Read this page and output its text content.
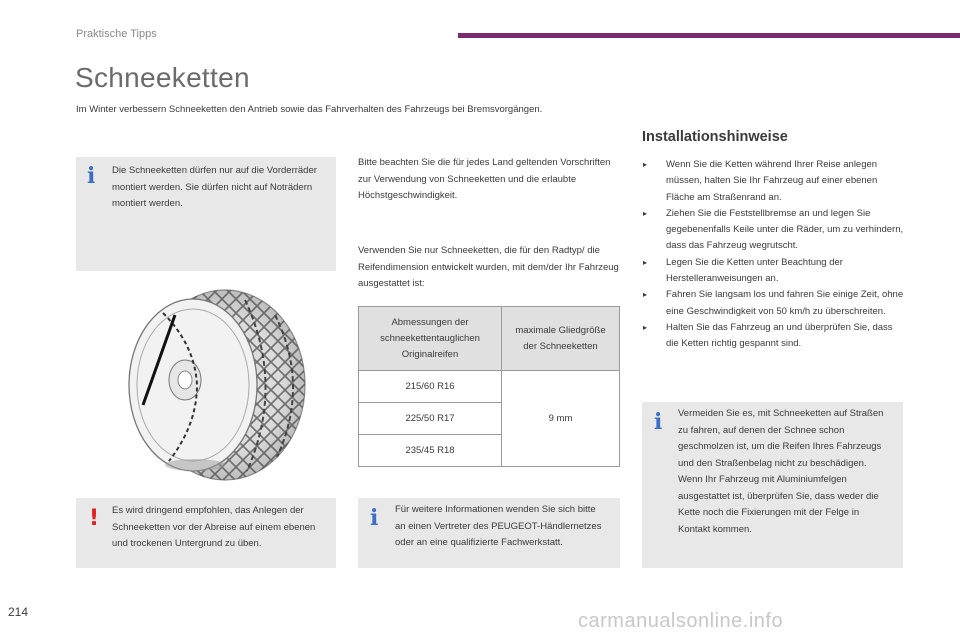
Praktische Tipps
Schneeketten
Im Winter verbessern Schneeketten den Antrieb sowie das Fahrverhalten des Fahrzeugs bei Bremsvorgängen.
i Die Schneeketten dürfen nur auf die Vorderräder montiert werden. Sie dürfen nicht auf Noträdern montiert werden.
! Es wird dringend empfohlen, das Anlegen der Schneeketten vor der Abreise auf einem ebenen und trockenen Untergrund zu üben.
Bitte beachten Sie die für jedes Land geltenden Vorschriften zur Verwendung von Schneeketten und die erlaubte Höchstgeschwindigkeit.
Verwenden Sie nur Schneeketten, die für den Radtyp/ die Reifendimension entwickelt wurden, mit dem/der Ihr Fahrzeug ausgestattet ist:
Abmessungen der schneekettentauglichen Originalreifen	maximale Gliedgröße der Schneeketten
215/60 R16	9 mm
225/50 R17	
235/45 R18	
i Für weitere Informationen wenden Sie sich bitte an einen Vertreter des PEUGEOT-Händlernetzes oder an eine qualifizierte Fachwerkstatt.
Installationshinweise
▸ Wenn Sie die Ketten während Ihrer Reise anlegen müssen, halten Sie Ihr Fahrzeug auf einer ebenen Fläche am Straßenrand an.
▸ Ziehen Sie die Feststellbremse an und legen Sie gegebenenfalls Keile unter die Räder, um zu verhindern, dass das Fahrzeug wegrutscht.
▸ Legen Sie die Ketten unter Beachtung der Herstelleranweisungen an.
▸ Fahren Sie langsam los und fahren Sie einige Zeit, ohne eine Geschwindigkeit von 50 km/h zu überschreiten.
▸ Halten Sie das Fahrzeug an und überprüfen Sie, dass die Ketten richtig gespannt sind.
i Vermeiden Sie es, mit Schneeketten auf Straßen zu fahren, auf denen der Schnee schon geschmolzen ist, um die Reifen Ihres Fahrzeugs und den Straßenbelag nicht zu beschädigen. Wenn Ihr Fahrzeug mit Aluminiumfelgen ausgestattet ist, überprüfen Sie, dass weder die Kette noch die Fixierungen mit der Felge in Kontakt kommen.
214	carmanualsonline.info
